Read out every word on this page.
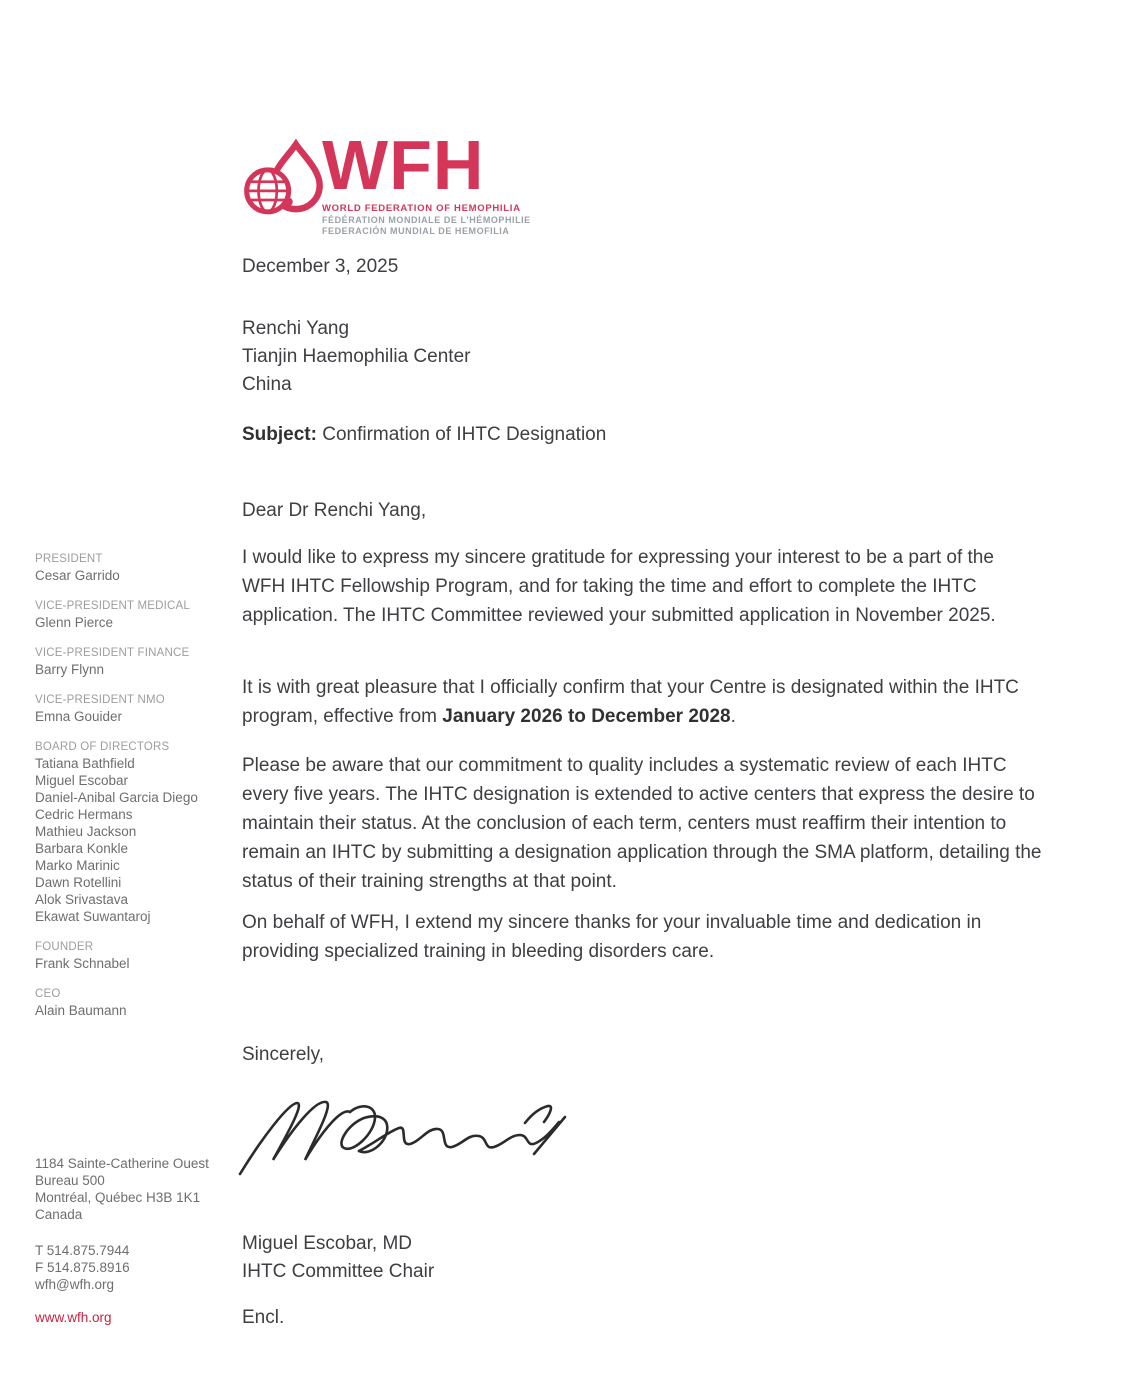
WFH
WORLD FEDERATION OF HEMOPHILIA
FÉDÉRATION MONDIALE DE L'HÉMOPHILIE
FEDERACIÓN MUNDIAL DE HEMOFILIA
PRESIDENT
Cesar Garrido
VICE-PRESIDENT MEDICAL
Glenn Pierce
VICE-PRESIDENT FINANCE
Barry Flynn
VICE-PRESIDENT NMO
Emna Gouider
BOARD OF DIRECTORS
Tatiana Bathfield
Miguel Escobar
Daniel-Anibal Garcia Diego
Cedric Hermans
Mathieu Jackson
Barbara Konkle
Marko Marinic
Dawn Rotellini
Alok Srivastava
Ekawat Suwantaroj
FOUNDER
Frank Schnabel
CEO
Alain Baumann
1184 Sainte-Catherine Ouest
Bureau 500
Montréal, Québec H3B 1K1
Canada
T 514.875.7944
F 514.875.8916
wfh@wfh.org
www.wfh.org
December 3, 2025
Renchi Yang
Tianjin Haemophilia Center
China
Subject: Confirmation of IHTC Designation
Dear Dr Renchi Yang,
I would like to express my sincere gratitude for expressing your interest to be a part of the WFH IHTC Fellowship Program, and for taking the time and effort to complete the IHTC application. The IHTC Committee reviewed your submitted application in November 2025.
It is with great pleasure that I officially confirm that your Centre is designated within the IHTC program, effective from January 2026 to December 2028.
Please be aware that our commitment to quality includes a systematic review of each IHTC every five years. The IHTC designation is extended to active centers that express the desire to maintain their status. At the conclusion of each term, centers must reaffirm their intention to remain an IHTC by submitting a designation application through the SMA platform, detailing the status of their training strengths at that point.
On behalf of WFH, I extend my sincere thanks for your invaluable time and dedication in providing specialized training in bleeding disorders care.
Sincerely,
Miguel Escobar, MD
IHTC Committee Chair
Encl.
